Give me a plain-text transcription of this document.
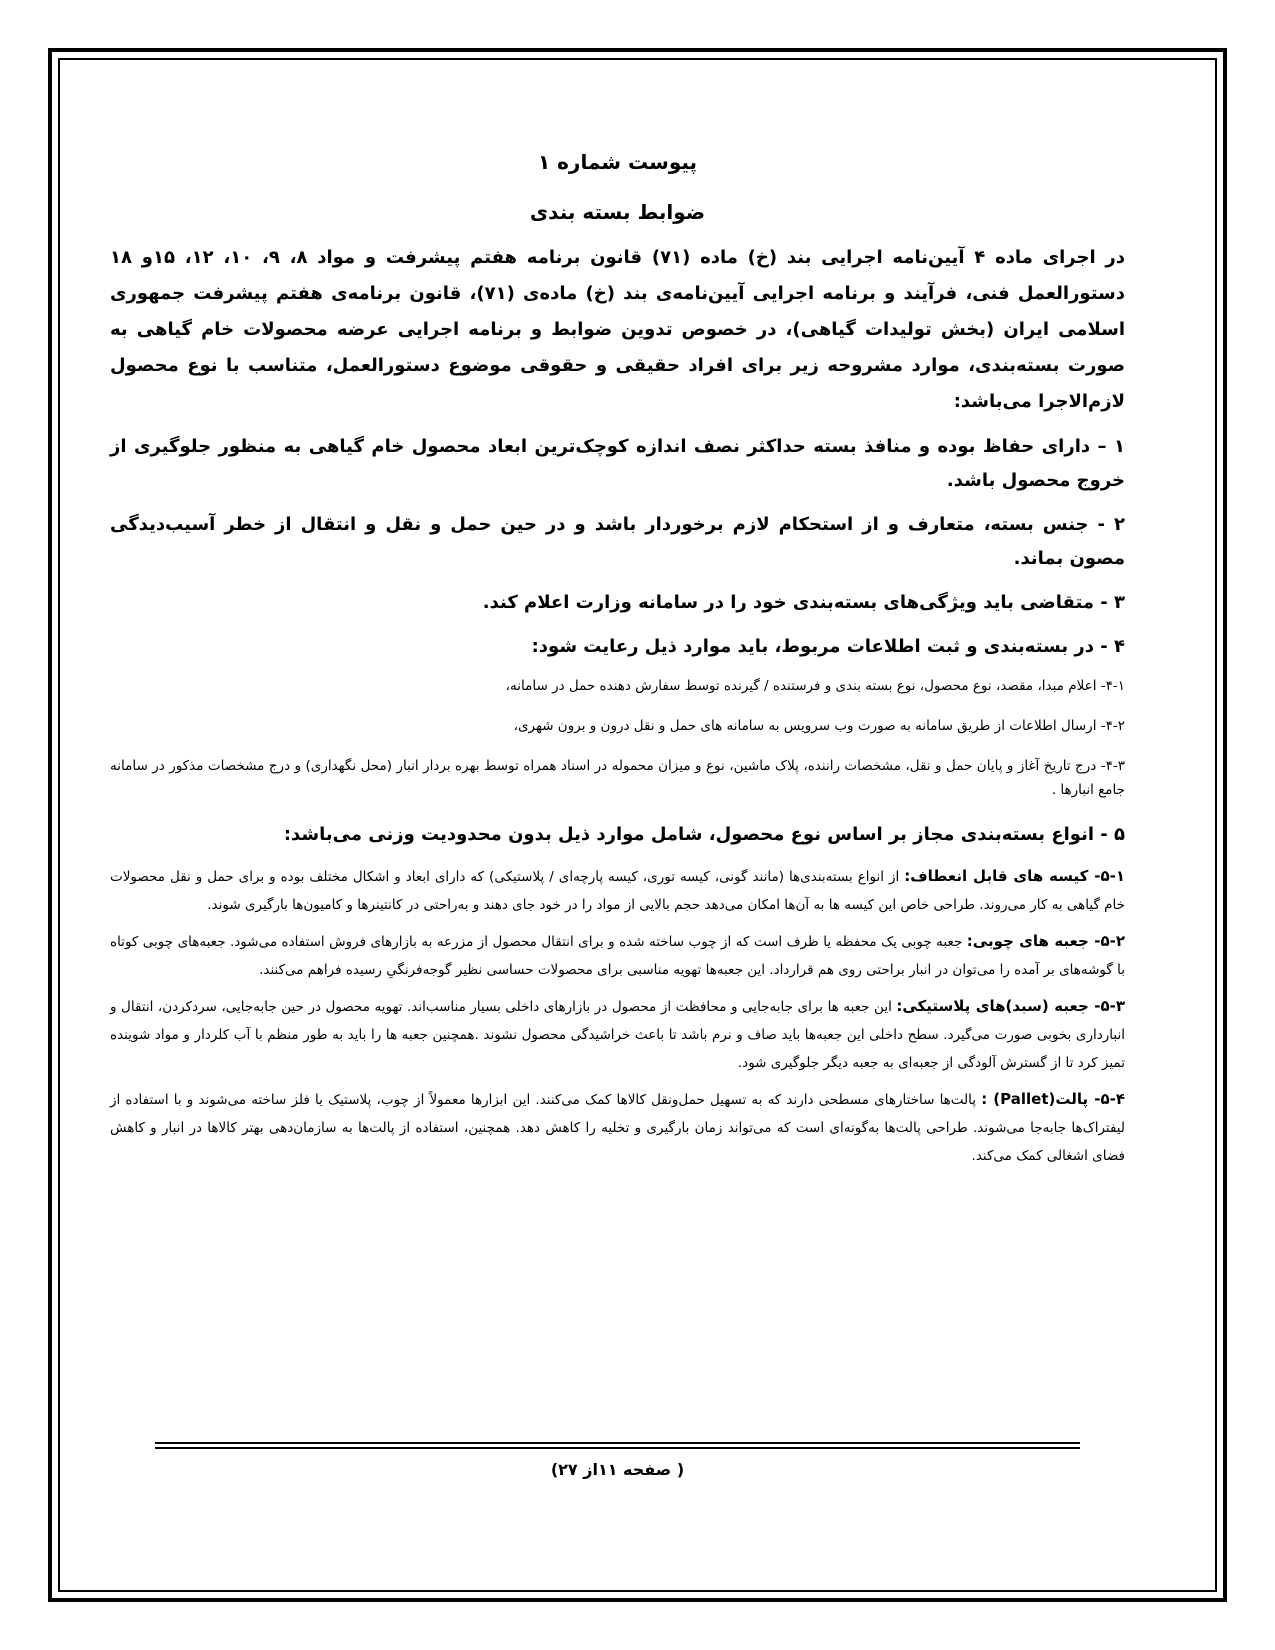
پیوست شماره ۱
ضوابط بسته بندی

در اجرای ماده ۴ آیین‌نامه اجرایی بند (خ) ماده (۷۱) قانون برنامه هفتم پیشرفت و مواد ۸، ۹، ۱۰، ۱۲، ۱۵و ۱۸ دستورالعمل فنی، فرآیند و برنامه اجرایی آیین‌نامه‌ی بند (خ) ماده‌ی (۷۱)، قانون برنامه‌ی هفتم پیشرفت جمهوری اسلامی ایران (بخش تولیدات گیاهی)، در خصوص تدوین ضوابط و برنامه اجرایی عرضه محصولات خام گیاهی به صورت بسته‌بندی، موارد مشروحه زیر برای افراد حقیقی و حقوقی موضوع دستورالعمل، متناسب با نوع محصول لازم‌الاجرا می‌باشد:

۱ – دارای حفاظ بوده و منافذ بسته حداکثر نصف اندازه کوچک‌ترین ابعاد محصول خام گیاهی به منظور جلوگیری از خروج محصول باشد.

۲ - جنس بسته، متعارف و از استحکام لازم برخوردار باشد و در حین حمل و نقل و انتقال از خطر آسیب‌دیدگی مصون بماند.

۳ - متقاضی باید ویژگی‌های بسته‌بندی خود را در سامانه وزارت اعلام کند.

۴ - در بسته‌بندی و ثبت اطلاعات مربوط، باید موارد ذیل رعایت شود:

۴-۱- اعلام مبدا، مقصد، نوع محصول، نوع بسته بندی و فرستنده / گیرنده توسط سفارش دهنده حمل در سامانه،

۴-۲- ارسال اطلاعات از طریق سامانه به صورت وب سرویس به سامانه های حمل و نقل درون و برون شهری،

۴-۳- درج تاریخ آغاز و پایان حمل و نقل، مشخصات راننده، پلاک ماشین، نوع و میزان محموله در اسناد همراه توسط بهره بردار انبار (محل نگهداری) و درج مشخصات مذکور در سامانه جامع انبارها .

۵ - انواع بسته‌بندی مجاز بر اساس نوع محصول، شامل موارد ذیل بدون محدودیت وزنی می‌باشد:

۵-۱- کیسه های قابل انعطاف: از انواع بسته‌بندی‌ها (مانند گونی، کیسه توری، کیسه پارچه‌ای / پلاستیکی) که دارای ابعاد و اشکال مختلف بوده و برای حمل و نقل محصولات خام گیاهی به کار می‌روند. طراحی خاص این کیسه ها به آن‌ها امکان می‌دهد حجم بالایی از مواد را در خود جای دهند و به‌راحتی در کانتینرها و کامیون‌ها بارگیری شوند.

۵-۲- جعبه های چوبی: جعبه چوبی یک محفظه یا ظرف است که از چوب ساخته شده و برای انتقال محصول از مزرعه به بازارهای فروش استفاده می‌شود. جعبه‌های چوبی کوتاه با گوشه‌های بر آمده را می‌توان در انبار براحتی روی هم قرارداد. این جعبه‌ها تهویه مناسبی برای محصولات حساسی نظیر گوجه‌فرنگیِ رسیده فراهم می‌کنند.

۵-۳- جعبه (سبد)های پلاستیکی: این جعبه ها برای جابه‌جایی و محافظت از محصول در بازارهای داخلی بسیار مناسب‌اند. تهویه محصول در حین جابه‌جایی، سردکردن، انتقال و انبارداری بخوبی صورت می‌گیرد. سطح داخلی این جعبه‌ها باید صاف و نرم باشد تا باعث خراشیدگی محصول نشوند .همچنین جعبه ها را باید به طور منظم با آب کلردار و مواد شوینده تمیز کرد تا از گسترش آلودگی از جعبه‌ای به جعبه دیگر جلوگیری شود.

۵-۴- پالت(Pallet) : پالت‌ها ساختارهای مسطحی دارند که به تسهیل حمل‌ونقل کالاها کمک می‌کنند. این ابزارها معمولاً از چوب، پلاستیک یا فلز ساخته می‌شوند و با استفاده از لیفتراک‌ها جابه‌جا می‌شوند. طراحی پالت‌ها به‌گونه‌ای است که می‌تواند زمان بارگیری و تخلیه را کاهش دهد. همچنین، استفاده از پالت‌ها به سازمان‌دهی بهتر کالاها در انبار و کاهش فضای اشغالی کمک می‌کند.

( صفحه ۱۱از ۲۷)
